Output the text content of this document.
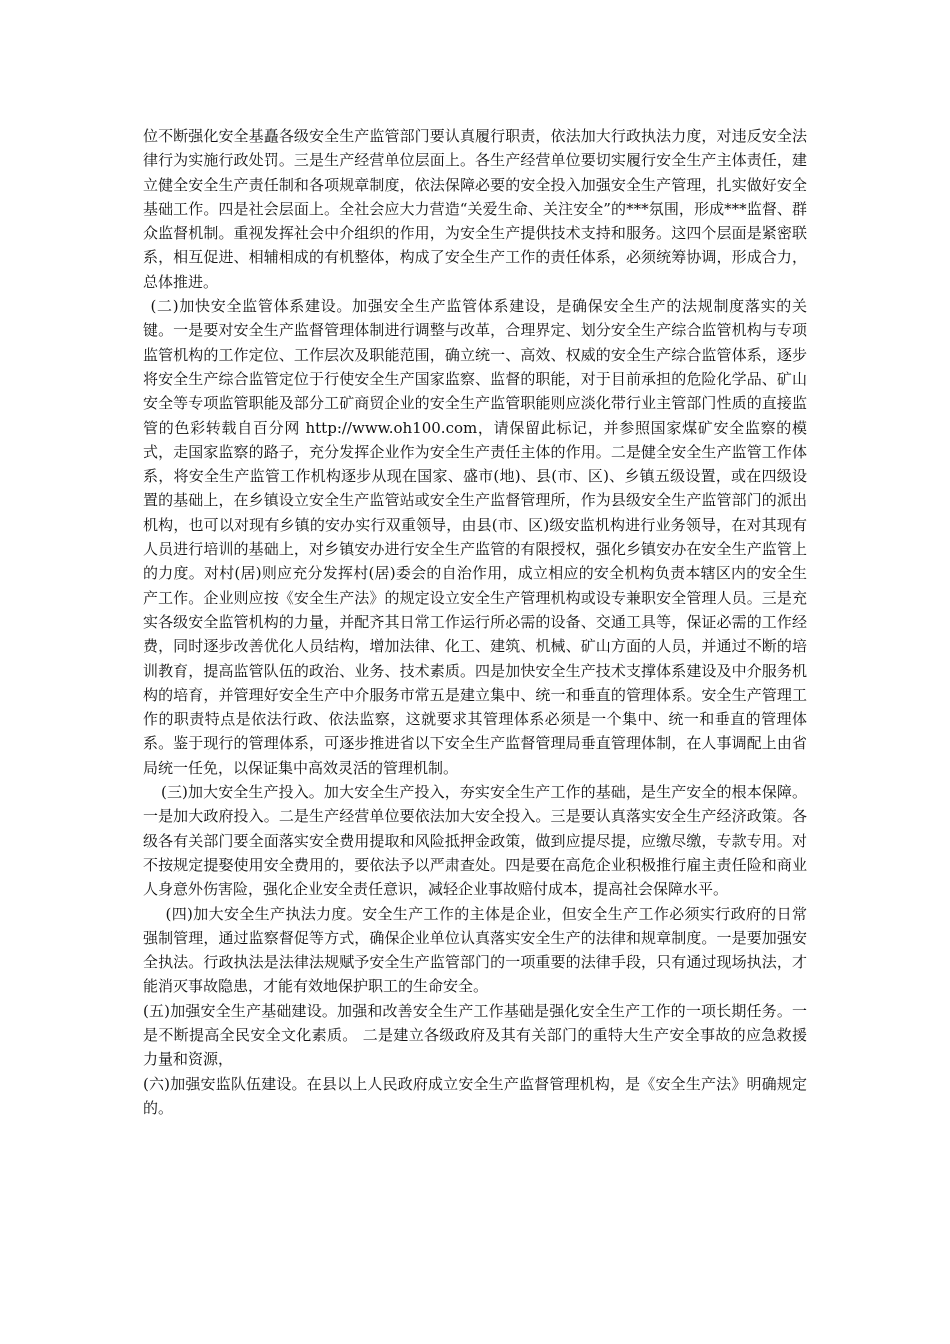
位不断强化安全基矗各级安全生产监管部门要认真履行职责，依法加大行政执法力度，对违反安全法律行为实施行政处罚。三是生产经营单位层面上。各生产经营单位要切实履行安全生产主体责任，建立健全安全生产责任制和各项规章制度，依法保障必要的安全投入加强安全生产管理，扎实做好安全基础工作。四是社会层面上。全社会应大力营造“关爱生命、关注安全”的***氛围，形成***监督、群众监督机制。重视发挥社会中介组织的作用，为安全生产提供技术支持和服务。这四个层面是紧密联系，相互促进、相辅相成的有机整体，构成了安全生产工作的责任体系，必须统筹协调，形成合力，总体推进。

(二)加快安全监管体系建设。加强安全生产监管体系建设，是确保安全生产的法规制度落实的关键。一是要对安全生产监督管理体制进行调整与改革，合理界定、划分安全生产综合监管机构与专项监管机构的工作定位、工作层次及职能范围，确立统一、高效、权威的安全生产综合监管体系，逐步将安全生产综合监管定位于行使安全生产国家监察、监督的职能，对于目前承担的危险化学品、矿山安全等专项监管职能及部分工矿商贸企业的安全生产监管职能则应淡化带行业主管部门性质的直接监管的色彩转载自百分网 http://www.oh100.com，请保留此标记，并参照国家煤矿安全监察的模式，走国家监察的路子，充分发挥企业作为安全生产责任主体的作用。二是健全安全生产监管工作体系，将安全生产监管工作机构逐步从现在国家、盛市(地)、县(市、区)、乡镇五级设置，或在四级设置的基础上，在乡镇设立安全生产监管站或安全生产监督管理所，作为县级安全生产监管部门的派出机构，也可以对现有乡镇的安办实行双重领导，由县(市、区)级安监机构进行业务领导，在对其现有人员进行培训的基础上，对乡镇安办进行安全生产监管的有限授权，强化乡镇安办在安全生产监管上的力度。对村(居)则应充分发挥村(居)委会的自治作用，成立相应的安全机构负责本辖区内的安全生产工作。企业则应按《安全生产法》的规定设立安全生产管理机构或设专兼职安全管理人员。三是充实各级安全监管机构的力量，并配齐其日常工作运行所必需的设备、交通工具等，保证必需的工作经费，同时逐步改善优化人员结构，增加法律、化工、建筑、机械、矿山方面的人员，并通过不断的培训教育，提高监管队伍的政治、业务、技术素质。四是加快安全生产技术支撑体系建设及中介服务机构的培育，并管理好安全生产中介服务市常五是建立集中、统一和垂直的管理体系。安全生产管理工作的职责特点是依法行政、依法监察，这就要求其管理体系必须是一个集中、统一和垂直的管理体系。鉴于现行的管理体系，可逐步推进省以下安全生产监督管理局垂直管理体制，在人事调配上由省局统一任免，以保证集中高效灵活的管理机制。

(三)加大安全生产投入。加大安全生产投入，夯实安全生产工作的基础，是生产安全的根本保障。一是加大政府投入。二是生产经营单位要依法加大安全投入。三是要认真落实安全生产经济政策。各级各有关部门要全面落实安全费用提取和风险抵押金政策，做到应提尽提，应缴尽缴，专款专用。对不按规定提娶使用安全费用的，要依法予以严肃查处。四是要在高危企业积极推行雇主责任险和商业人身意外伤害险，强化企业安全责任意识，减轻企业事故赔付成本，提高社会保障水平。

(四)加大安全生产执法力度。安全生产工作的主体是企业，但安全生产工作必须实行政府的日常强制管理，通过监察督促等方式，确保企业单位认真落实安全生产的法律和规章制度。一是要加强安全执法。行政执法是法律法规赋予安全生产监管部门的一项重要的法律手段，只有通过现场执法，才能消灭事故隐患，才能有效地保护职工的生命安全。

(五)加强安全生产基础建设。加强和改善安全生产工作基础是强化安全生产工作的一项长期任务。一是不断提高全民安全文化素质。 二是建立各级政府及其有关部门的重特大生产安全事故的应急救援力量和资源，

(六)加强安监队伍建设。在县以上人民政府成立安全生产监督管理机构，是《安全生产法》明确规定的。
